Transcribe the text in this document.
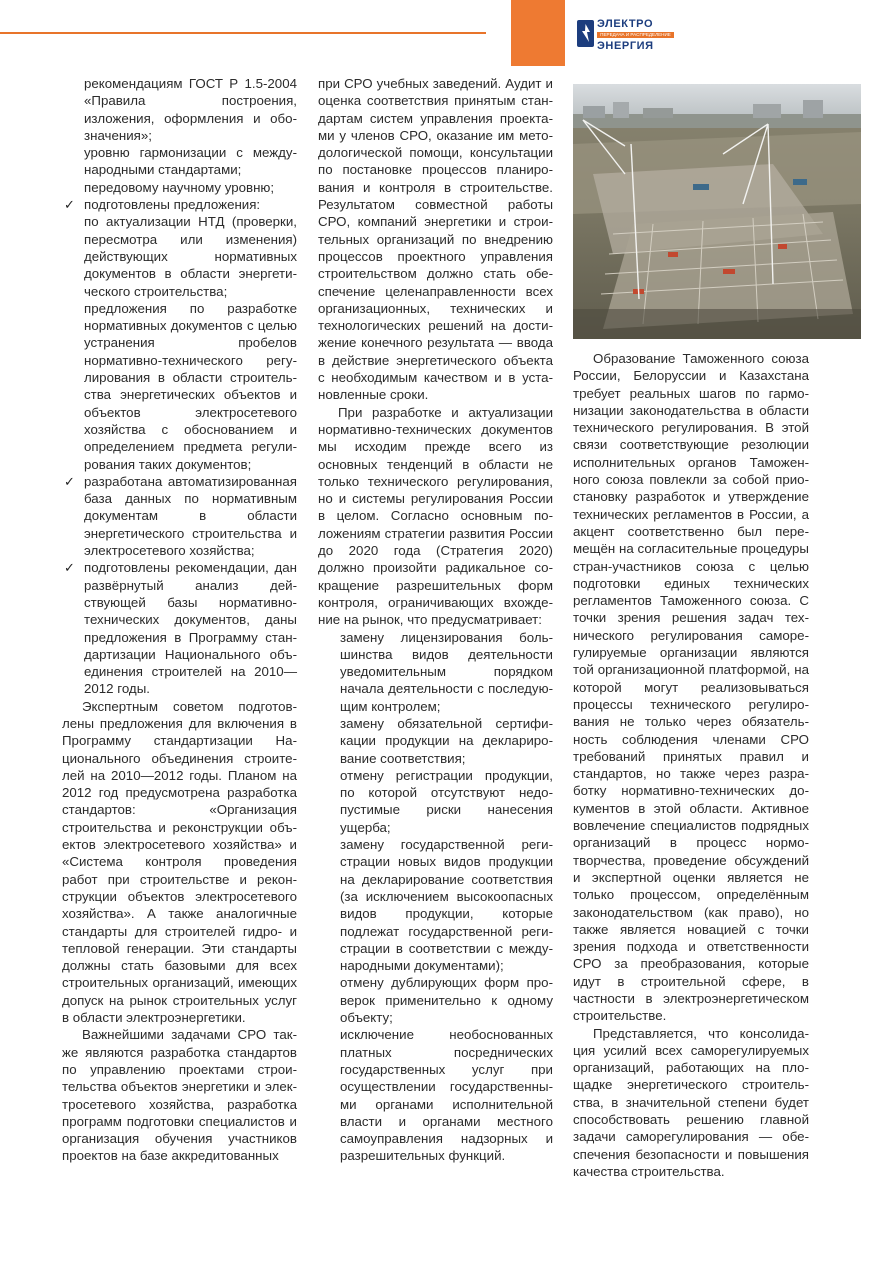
ЭЛЕКТРО
ПЕРЕДАЧА И РАСПРЕДЕЛЕНИЕ
ЭНЕРГИЯ

рекомендациям ГОСТ Р 1.5-2004 «Правила построения, изложения, оформления и обозначения»;

уровню гармонизации с международными стандартами;

передовому научному уровню;

✓ подготовлены предложения:

по актуализации НТД (проверки, пересмотра или изменения) действующих нормативных документов в области энергетического строительства;

предложения по разработке нормативных документов с целью устранения пробелов нормативно-технического регулирования в области строительства энергетических объектов и объектов электросетевого хозяйства с обоснованием и определением предмета регулирования таких документов;

✓ разработана автоматизированная база данных по нормативным документам в области энергетического строительства и электросетевого хозяйства;

✓ подготовлены рекомендации, дан развёрнутый анализ действующей базы нормативно-технических документов, даны предложения в Программу стандартизации Национального объединения строителей на 2010—2012 годы.

Экспертным советом подготовлены предложения для включения в Программу стандартизации Национального объединения строителей на 2010—2012 годы. Планом на 2012 год предусмотрена разработка стандартов: «Организация строительства и реконструкции объектов электросетевого хозяйства» и «Система контроля проведения работ при строительстве и реконструкции объектов электросетевого хозяйства». А также аналогичные стандарты для строителей гидро- и тепловой генерации. Эти стандарты должны стать базовыми для всех строительных организаций, имеющих допуск на рынок строительных услуг в области электроэнергетики.

Важнейшими задачами СРО также являются разработка стандартов по управлению проектами строительства объектов энергетики и электросетевого хозяйства, разработка программ подготовки специалистов и организация обучения участников проектов на базе аккредитованных

при СРО учебных заведений. Аудит и оценка соответствия принятым стандартам систем управления проектами у членов СРО, оказание им методологической помощи, консультации по постановке процессов планирования и контроля в строительстве. Результатом совместной работы СРО, компаний энергетики и строительных организаций по внедрению процессов проектного управления строительством должно стать обеспечение целенаправленности всех организационных, технических и технологических решений на достижение конечного результата — ввода в действие энергетического объекта с необходимым качеством и в установленные сроки.

При разработке и актуализации нормативно-технических документов мы исходим прежде всего из основных тенденций в области не только технического регулирования, но и системы регулирования России в целом. Согласно основным положениям стратегии развития России до 2020 года (Стратегия 2020) должно произойти радикальное сокращение разрешительных форм контроля, ограничивающих вхождение на рынок, что предусматривает:

замену лицензирования большинства видов деятельности уведомительным порядком начала деятельности с последующим контролем;

замену обязательной сертификации продукции на декларирование соответствия;

отмену регистрации продукции, по которой отсутствуют недопустимые риски нанесения ущерба;

замену государственной регистрации новых видов продукции на декларирование соответствия (за исключением высокоопасных видов продукции, которые подлежат государственной регистрации в соответствии с международными документами);

отмену дублирующих форм проверок применительно к одному объекту;

исключение необоснованных платных посреднических государственных услуг при осуществлении государственными органами исполнительной власти и органами местного самоуправления надзорных и разрешительных функций.

Образование Таможенного союза России, Белоруссии и Казахстана требует реальных шагов по гармонизации законодательства в области технического регулирования. В этой связи соответствующие резолюции исполнительных органов Таможенного союза повлекли за собой приостановку разработок и утверждение технических регламентов в России, а акцент соответственно был перемещён на согласительные процедуры стран-участников союза с целью подготовки единых технических регламентов Таможенного союза. С точки зрения решения задач технического регулирования саморегулируемые организации являются той организационной платформой, на которой могут реализовываться процессы технического регулирования не только через обязательность соблюдения членами СРО требований принятых правил и стандартов, но также через разработку нормативно-технических документов в этой области. Активное вовлечение специалистов подрядных организаций в процесс нормотворчества, проведение обсуждений и экспертной оценки является не только процессом, определённым законодательством (как право), но также является новацией с точки зрения подхода и ответственности СРО за преобразования, которые идут в строительной сфере, в частности в электроэнергетическом строительстве.

Представляется, что консолидация усилий всех саморегулируемых организаций, работающих на площадке энергетического строительства, в значительной степени будет способствовать решению главной задачи саморегулирования — обеспечения безопасности и повышения качества строительства.
